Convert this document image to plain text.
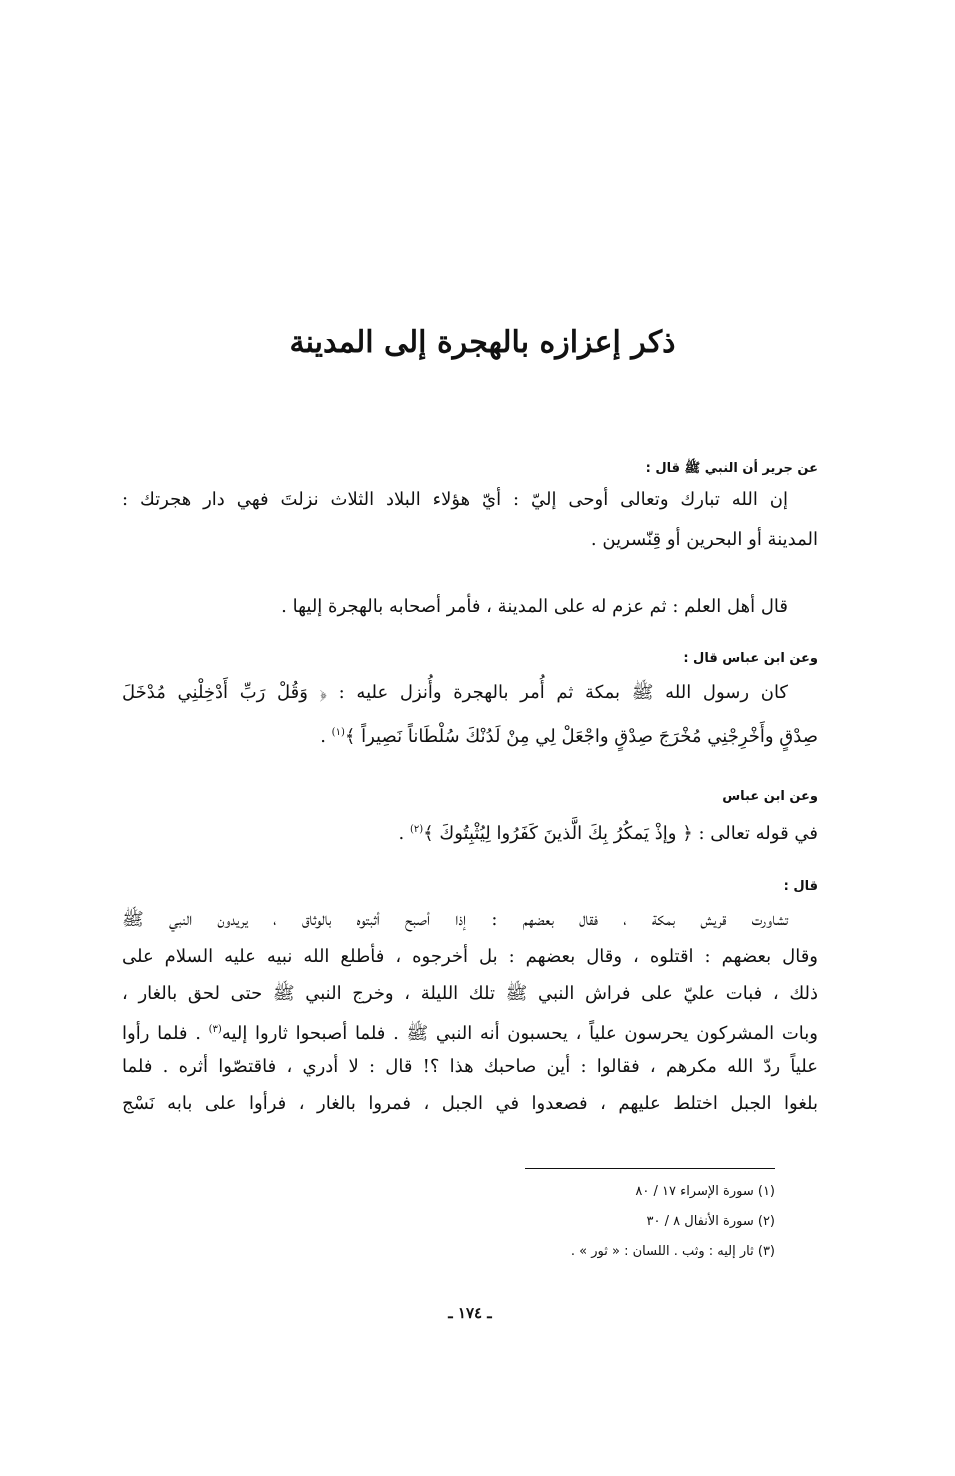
ذكر إعزازه بالهجرة إلى المدينة
عن جرير أن النبي ﷺ قال :
إن الله تبارك وتعالى أوحى إليّ : أيّ هؤلاء البلاد الثلاث نزلتَ فهي دار هجرتك :
المدينة أو البحرين أو قِنّسرين .
قال أهل العلم : ثم عزم له على المدينة ، فأمر أصحابه بالهجرة إليها .
وعن ابن عباس قال :
كان رسول الله ﷺ بمكة ثم أُمر بالهجرة وأُنزل عليه : ﴿ وَقُلْ رَبِّ أَدْخِلْنِي مُدْخَلَ
صِدْقٍ وأَخْرِجْنِي مُخْرَجَ صِدْقٍ واجْعَلْ لِي مِنْ لَدُنْكَ سُلْطَاناً نَصِيراً ﴾$^{(١)}$ .
وعن ابن عباس
في قوله تعالى : ﴿ وإذْ يَمكُرُ بِكَ الَّذينَ كَفَرُوا لِيُثْبِتُوكَ ﴾$^{(٢)}$ .
قال :
تشاورت قريش بمكة ، فقال بعضهم : إذا أصبح أثبتوه بالوثاق ، يريدون النبي ﷺ
وقال بعضهم : اقتلوه ، وقال بعضهم : بل أخرجوه ، فأطلع الله نبيه عليه السلام على
ذلك ، فبات عليّ على فراش النبي ﷺ تلك الليلة ، وخرج النبي ﷺ حتى لحق بالغار ،
وبات المشركون يحرسون علياً ، يحسبون أنه النبي ﷺ . فلما أصبحوا ثاروا إليه$^{(٣)}$ . فلما رأوا
علياً ردّ الله مكرهم ، فقالوا : أين صاحبك هذا ؟! قال : لا أدري ، فاقتصّوا أثره . فلما
بلغوا الجبل اختلط عليهم ، فصعدوا في الجبل ، فمروا بالغار ، فرأوا على بابه نَسْج
(١) سورة الإسراء ١٧ / ٨٠
(٢) سورة الأنفال ٨ / ٣٠
(٣) ثار إليه : وثب . اللسان : « ثور » .
ـ ١٧٤ ـ
